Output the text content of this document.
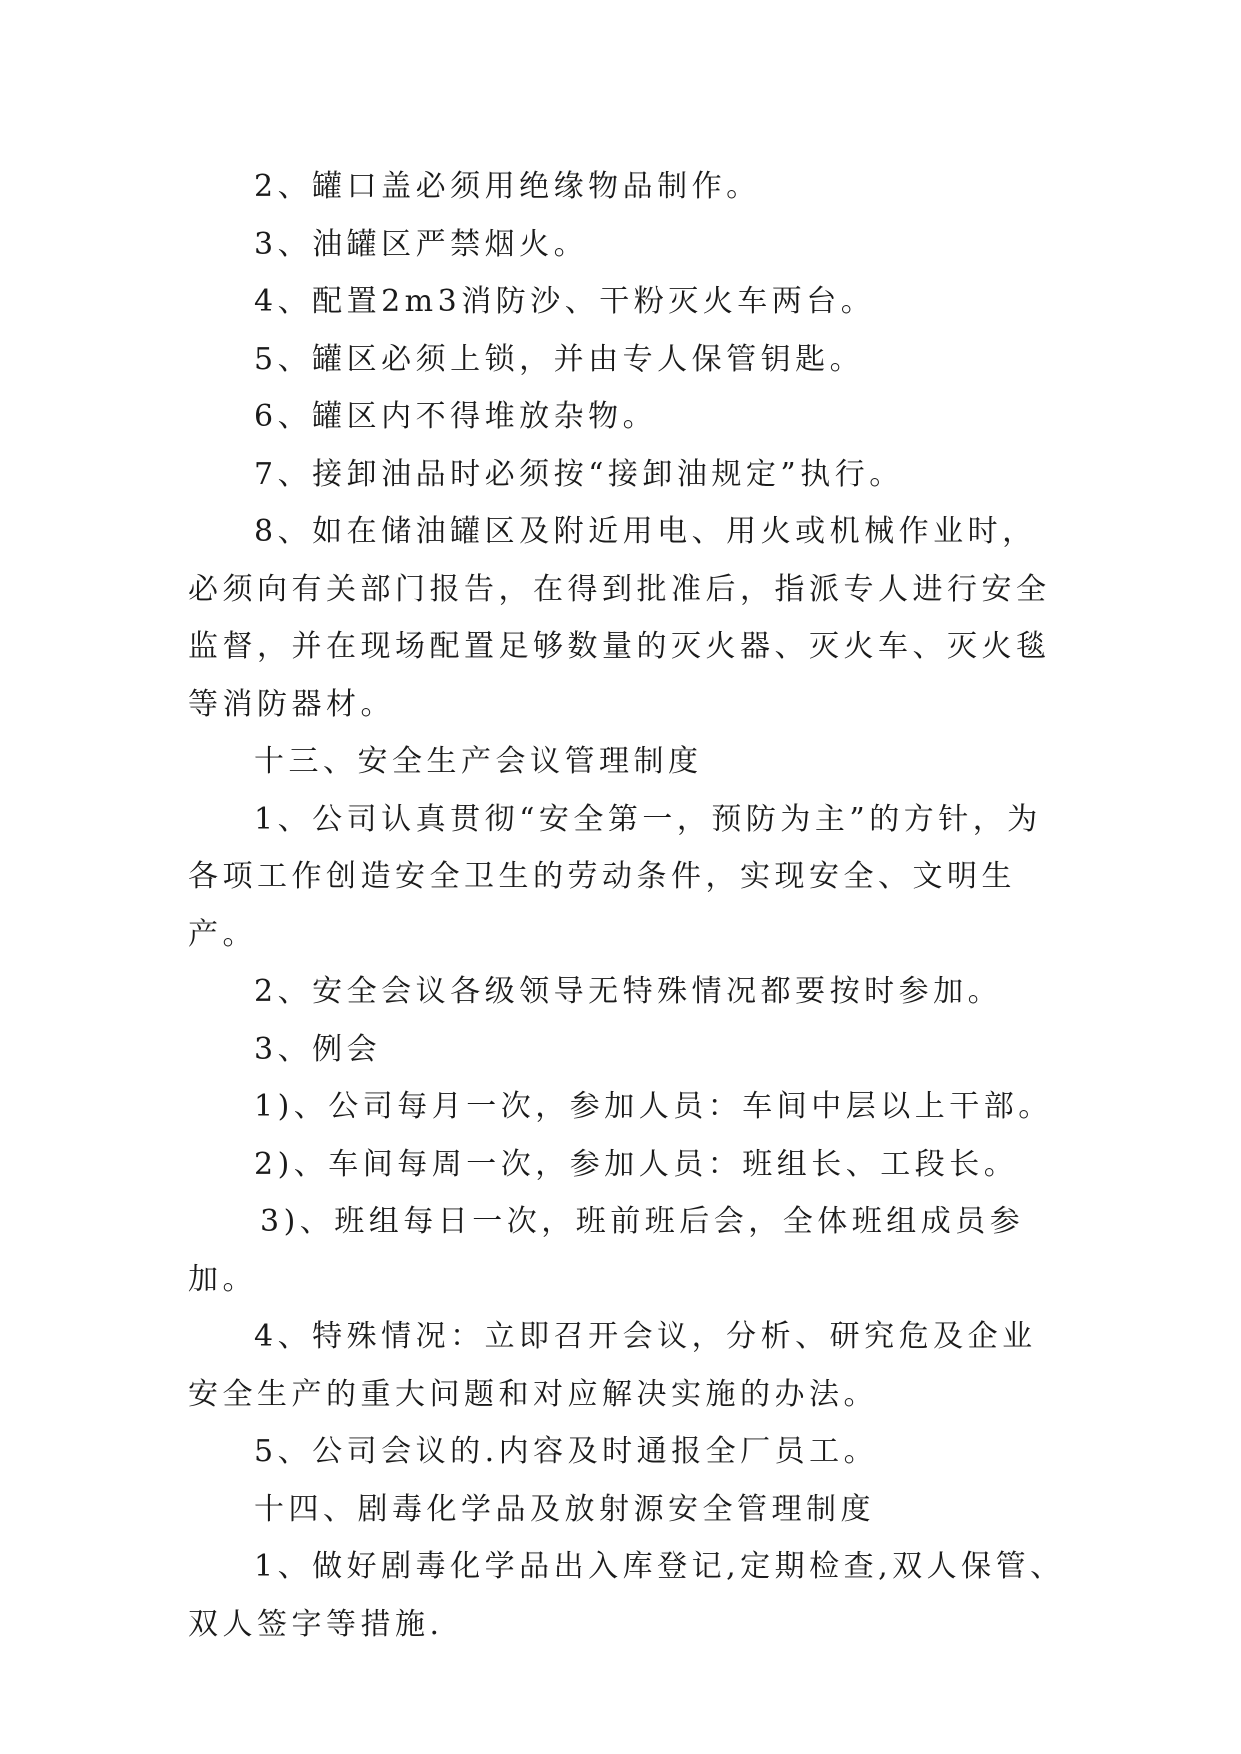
2、罐口盖必须用绝缘物品制作。

3、油罐区严禁烟火。

4、配置2m3消防沙、干粉灭火车两台。

5、罐区必须上锁，并由专人保管钥匙。

6、罐区内不得堆放杂物。

7、接卸油品时必须按“接卸油规定”执行。

8、如在储油罐区及附近用电、用火或机械作业时，必须向有关部门报告，在得到批准后，指派专人进行安全监督，并在现场配置足够数量的灭火器、灭火车、灭火毯等消防器材。

十三、安全生产会议管理制度

1、公司认真贯彻“安全第一，预防为主”的方针，为各项工作创造安全卫生的劳动条件，实现安全、文明生产。

2、安全会议各级领导无特殊情况都要按时参加。

3、例会

1)、公司每月一次，参加人员：车间中层以上干部。

2)、车间每周一次，参加人员：班组长、工段长。

3)、班组每日一次，班前班后会，全体班组成员参加。

4、特殊情况：立即召开会议，分析、研究危及企业安全生产的重大问题和对应解决实施的办法。

5、公司会议的.内容及时通报全厂员工。

十四、剧毒化学品及放射源安全管理制度

1、做好剧毒化学品出入库登记,定期检查,双人保管、双人签字等措施.
